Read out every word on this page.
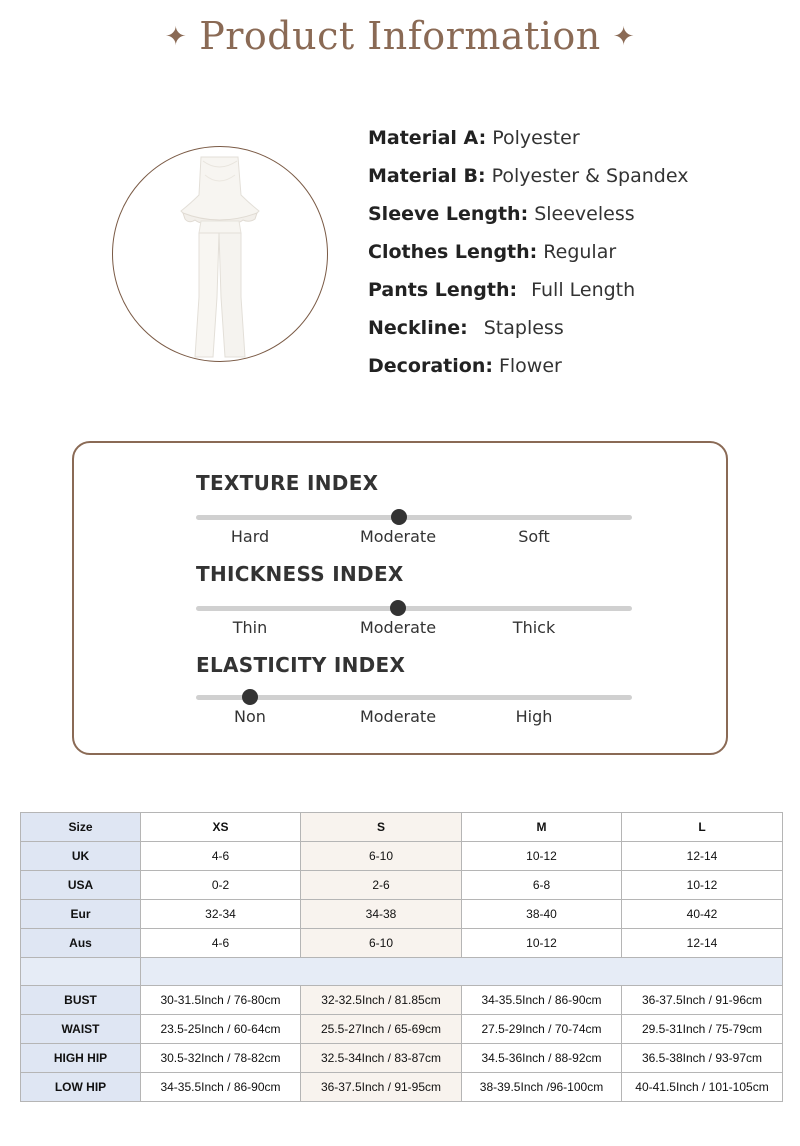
✦ Product Information ✦
Material A: Polyester
Material B: Polyester & Spandex
Sleeve Length: Sleeveless
Clothes Length: Regular
Pants Length: Full Length
Neckline: Stapless
Decoration: Flower
TEXTURE INDEX
Hard	Moderate	Soft
THICKNESS INDEX
Thin	Moderate	Thick
ELASTICITY INDEX
Non	Moderate	High
Size	XS	S	M	L
UK	4-6	6-10	10-12	12-14
USA	0-2	2-6	6-8	10-12
Eur	32-34	34-38	38-40	40-42
Aus	4-6	6-10	10-12	12-14

BUST	30-31.5Inch / 76-80cm	32-32.5Inch / 81.85cm	34-35.5Inch / 86-90cm	36-37.5Inch / 91-96cm
WAIST	23.5-25Inch / 60-64cm	25.5-27Inch / 65-69cm	27.5-29Inch / 70-74cm	29.5-31Inch / 75-79cm
HIGH HIP	30.5-32Inch / 78-82cm	32.5-34Inch / 83-87cm	34.5-36Inch / 88-92cm	36.5-38Inch / 93-97cm
LOW HIP	34-35.5Inch / 86-90cm	36-37.5Inch / 91-95cm	38-39.5Inch /96-100cm	40-41.5Inch / 101-105cm
